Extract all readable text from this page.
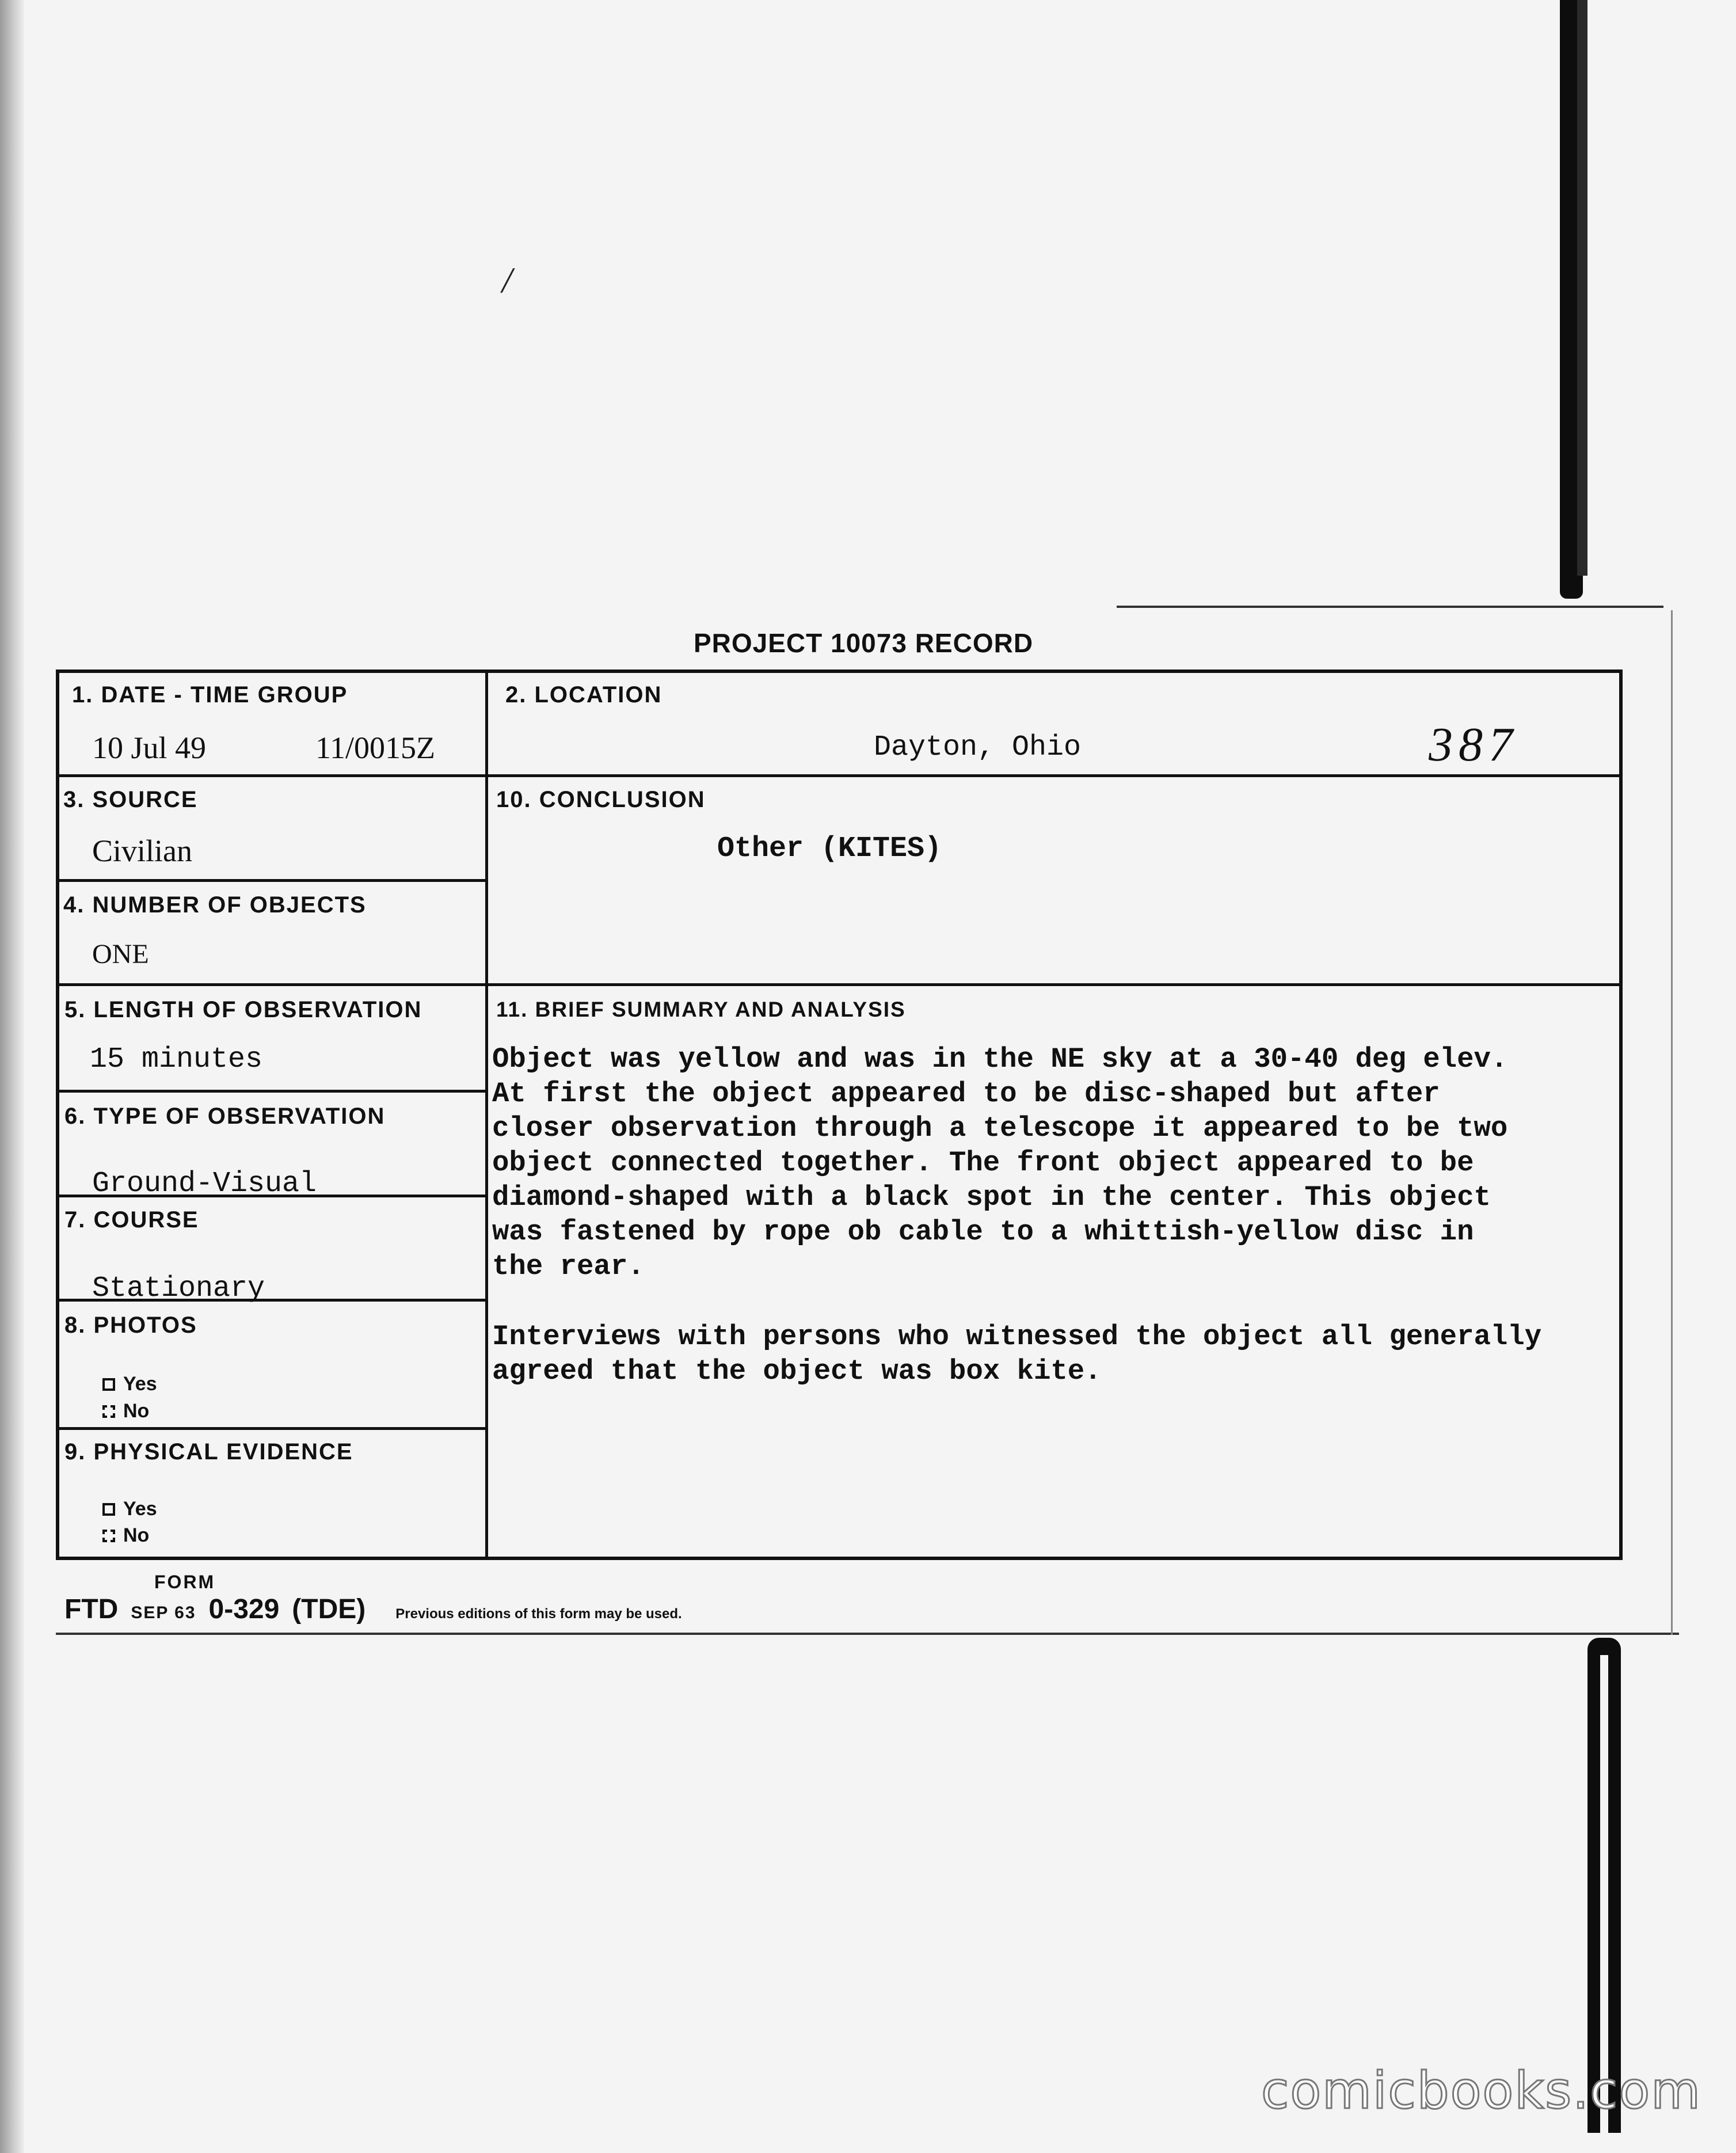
/
PROJECT 10073 RECORD
1. DATE - TIME GROUP
10 Jul 49	11/0015Z
2. LOCATION
Dayton, Ohio	387
3. SOURCE
Civilian
10. CONCLUSION
Other (KITES)
4. NUMBER OF OBJECTS
ONE
5. LENGTH OF OBSERVATION
15 minutes
11. BRIEF SUMMARY AND ANALYSIS

Object was yellow and was in the NE sky at a 30-40 deg elev.
At first the object appeared to be disc-shaped but after
closer observation through a telescope it appeared to be two
object connected together. The front object appeared to be
diamond-shaped with a black spot in the center. This object
was fastened by rope ob cable to a whittish-yellow disc in
the rear.

Interviews with persons who witnessed the object all generally
agreed that the object was box kite.

6. TYPE OF OBSERVATION
Ground-Visual
7. COURSE
Stationary
8. PHOTOS
Yes
No
9. PHYSICAL EVIDENCE
Yes
No
FORM
FTD SEP 63 0-329 (TDE) Previous editions of this form may be used.
comicbooks.com
